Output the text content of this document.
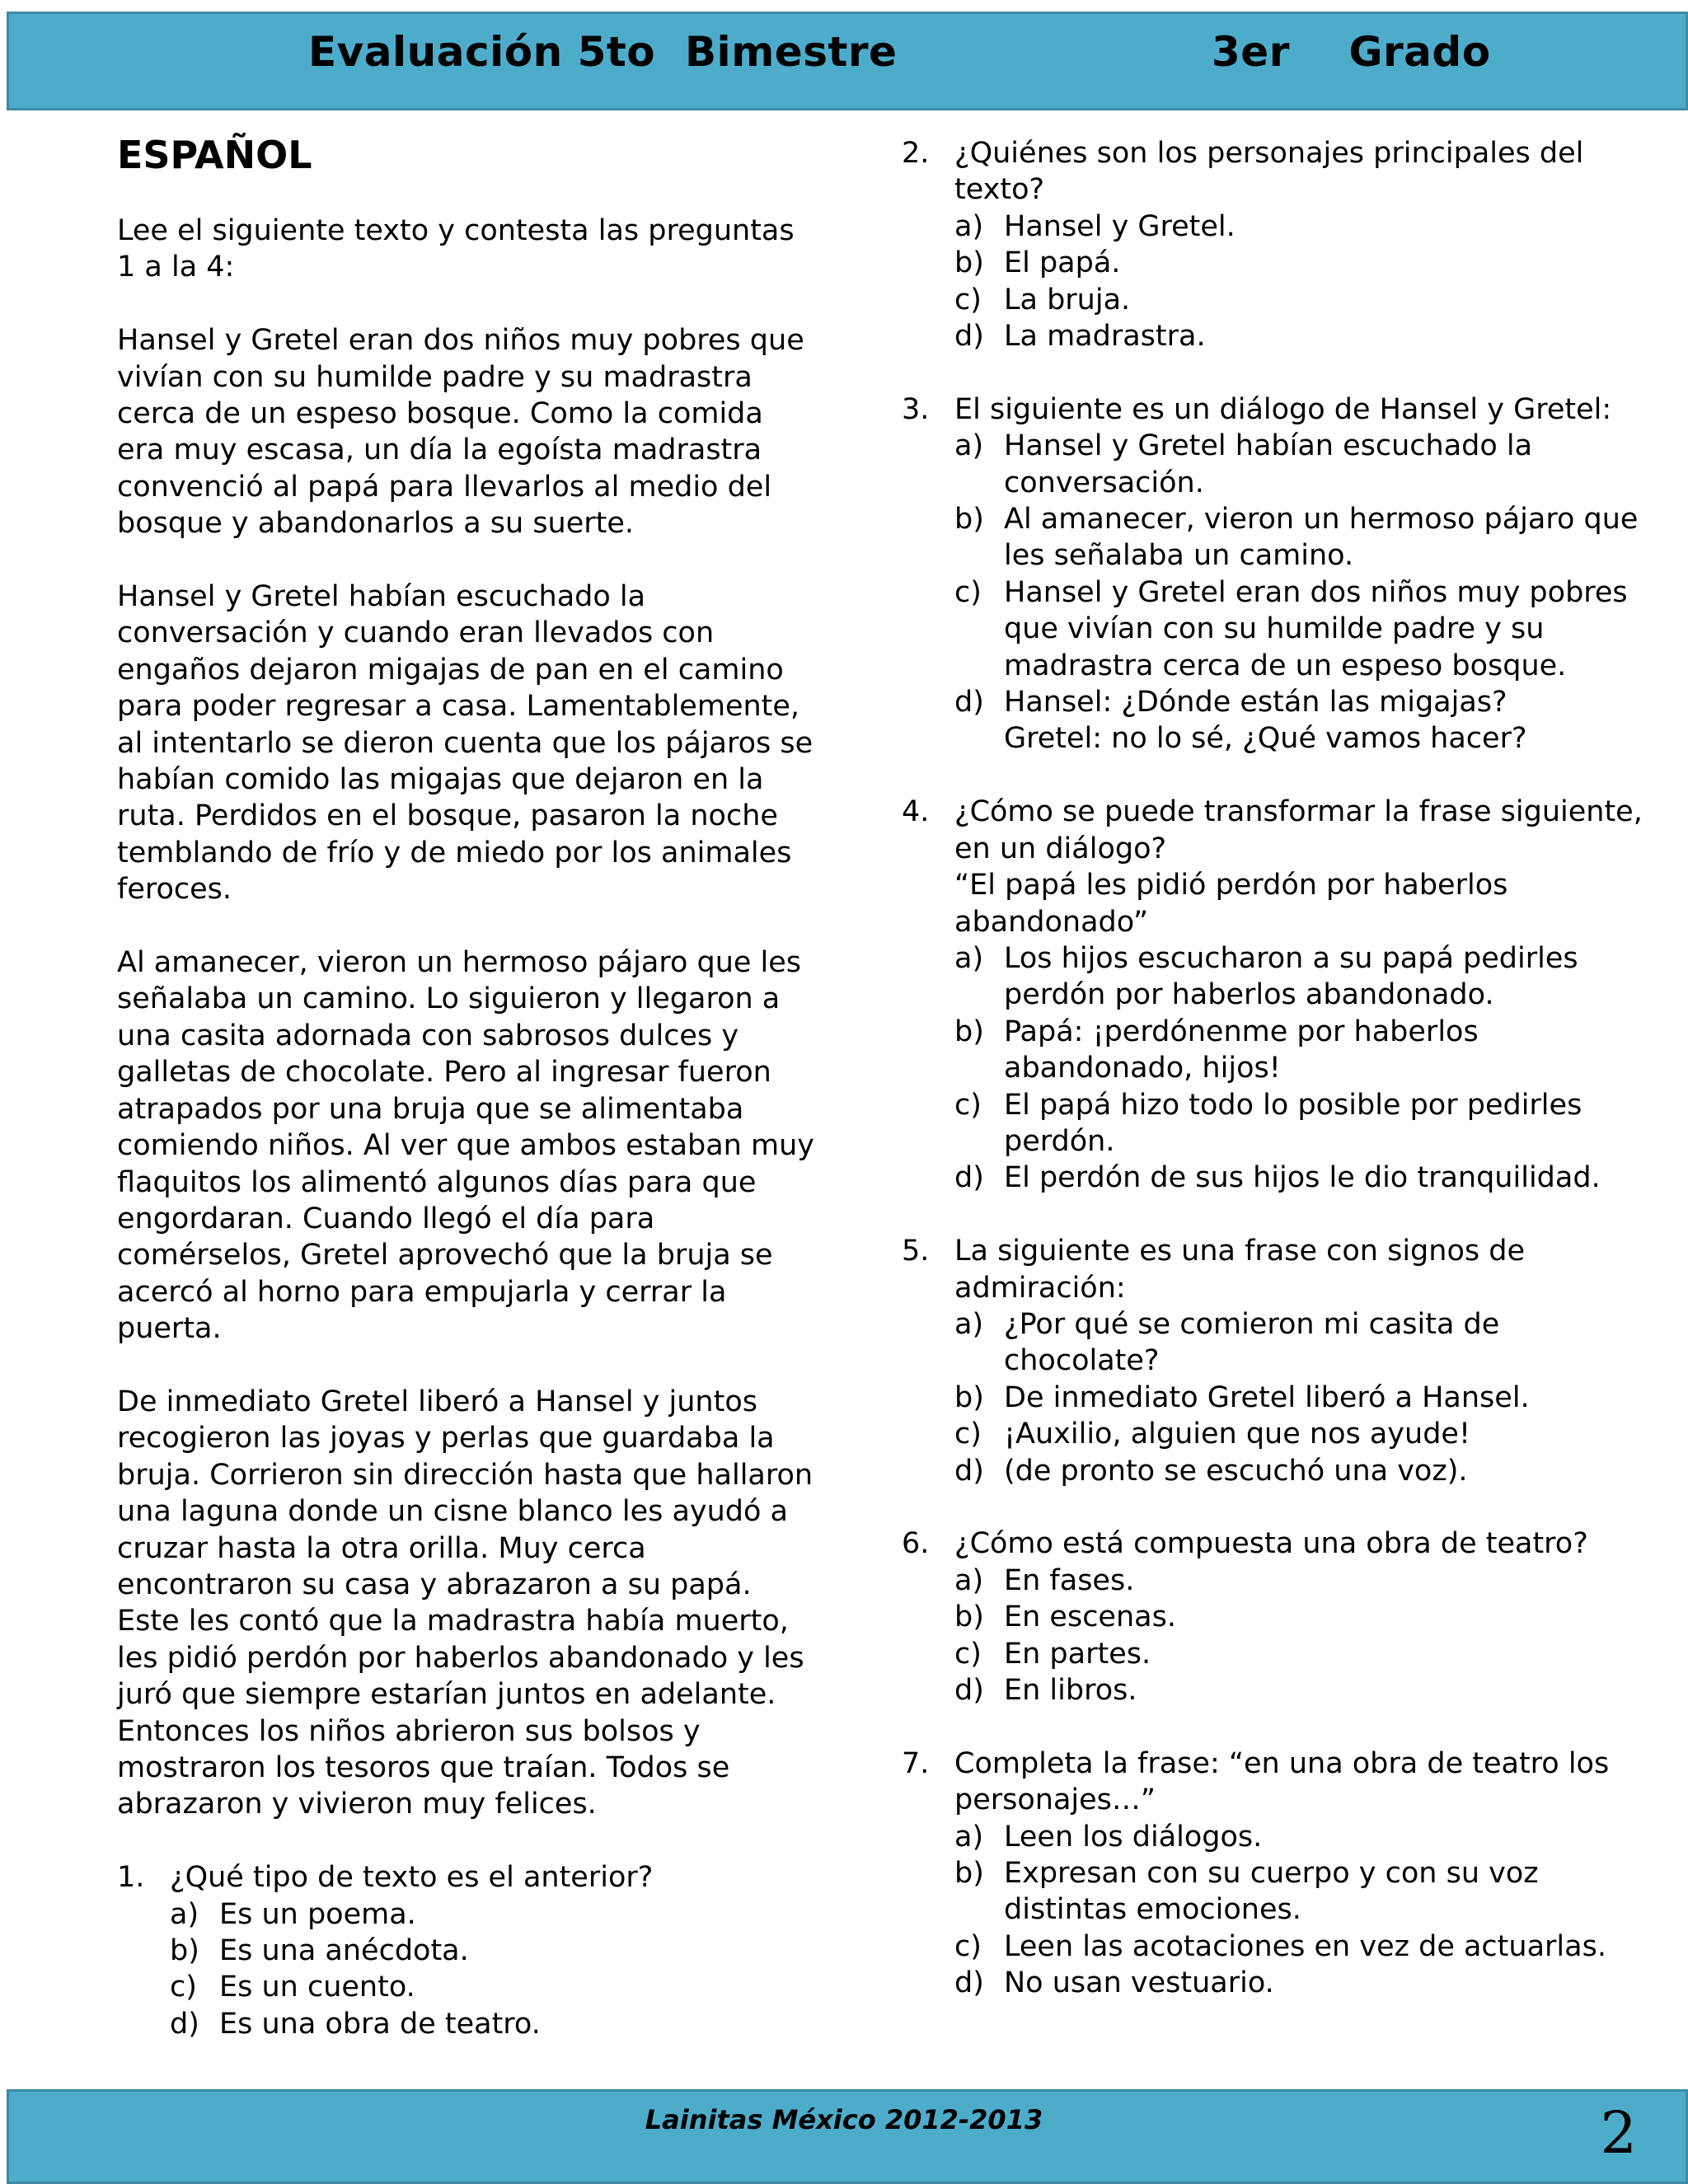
Evaluación 5to  Bimestre	3er    Grado
ESPAÑOL

Lee el siguiente texto y contesta las preguntas 1 a la 4:

Hansel y Gretel eran dos niños muy pobres que vivían con su humilde padre y su madrastra cerca de un espeso bosque. Como la comida era muy escasa, un día la egoísta madrastra convenció al papá para llevarlos al medio del bosque y abandonarlos a su suerte.

Hansel y Gretel habían escuchado la conversación y cuando eran llevados con engaños dejaron migajas de pan en el camino para poder regresar a casa. Lamentablemente, al intentarlo se dieron cuenta que los pájaros se habían comido las migajas que dejaron en la ruta. Perdidos en el bosque, pasaron la noche temblando de frío y de miedo por los animales feroces.

Al amanecer, vieron un hermoso pájaro que les señalaba un camino. Lo siguieron y llegaron a una casita adornada con sabrosos dulces y galletas de chocolate. Pero al ingresar fueron atrapados por una bruja que se alimentaba comiendo niños. Al ver que ambos estaban muy flaquitos los alimentó algunos días para que engordaran. Cuando llegó el día para comérselos, Gretel aprovechó que la bruja se acercó al horno para empujarla y cerrar la puerta.

De inmediato Gretel liberó a Hansel y juntos recogieron las joyas y perlas que guardaba la bruja. Corrieron sin dirección hasta que hallaron una laguna donde un cisne blanco les ayudó a cruzar hasta la otra orilla. Muy cerca encontraron su casa y abrazaron a su papá. Este les contó que la madrastra había muerto, les pidió perdón por haberlos abandonado y les juró que siempre estarían juntos en adelante. Entonces los niños abrieron sus bolsos y mostraron los tesoros que traían. Todos se abrazaron y vivieron muy felices.

1. ¿Qué tipo de texto es el anterior?
a) Es un poema.
b) Es una anécdota.
c) Es un cuento.
d) Es una obra de teatro.
2. ¿Quiénes son los personajes principales del texto?
a) Hansel y Gretel.
b) El papá.
c) La bruja.
d) La madrastra.
3. El siguiente es un diálogo de Hansel y Gretel:
a) Hansel y Gretel habían escuchado la conversación.
b) Al amanecer, vieron un hermoso pájaro que les señalaba un camino.
c) Hansel y Gretel eran dos niños muy pobres que vivían con su humilde padre y su madrastra cerca de un espeso bosque.
d) Hansel: ¿Dónde están las migajas?
Gretel: no lo sé, ¿Qué vamos hacer?
4. ¿Cómo se puede transformar la frase siguiente, en un diálogo?
“El papá les pidió perdón por haberlos abandonado”
a) Los hijos escucharon a su papá pedirles perdón por haberlos abandonado.
b) Papá: ¡perdónenme por haberlos abandonado, hijos!
c) El papá hizo todo lo posible por pedirles perdón.
d) El perdón de sus hijos le dio tranquilidad.
5. La siguiente es una frase con signos de admiración:
a) ¿Por qué se comieron mi casita de chocolate?
b) De inmediato Gretel liberó a Hansel.
c) ¡Auxilio, alguien que nos ayude!
d) (de pronto se escuchó una voz).
6. ¿Cómo está compuesta una obra de teatro?
a) En fases.
b) En escenas.
c) En partes.
d) En libros.
7. Completa la frase: “en una obra de teatro los personajes…”
a) Leen los diálogos.
b) Expresan con su cuerpo y con su voz distintas emociones.
c) Leen las acotaciones en vez de actuarlas.
d) No usan vestuario.
Lainitas México 2012-2013	2
